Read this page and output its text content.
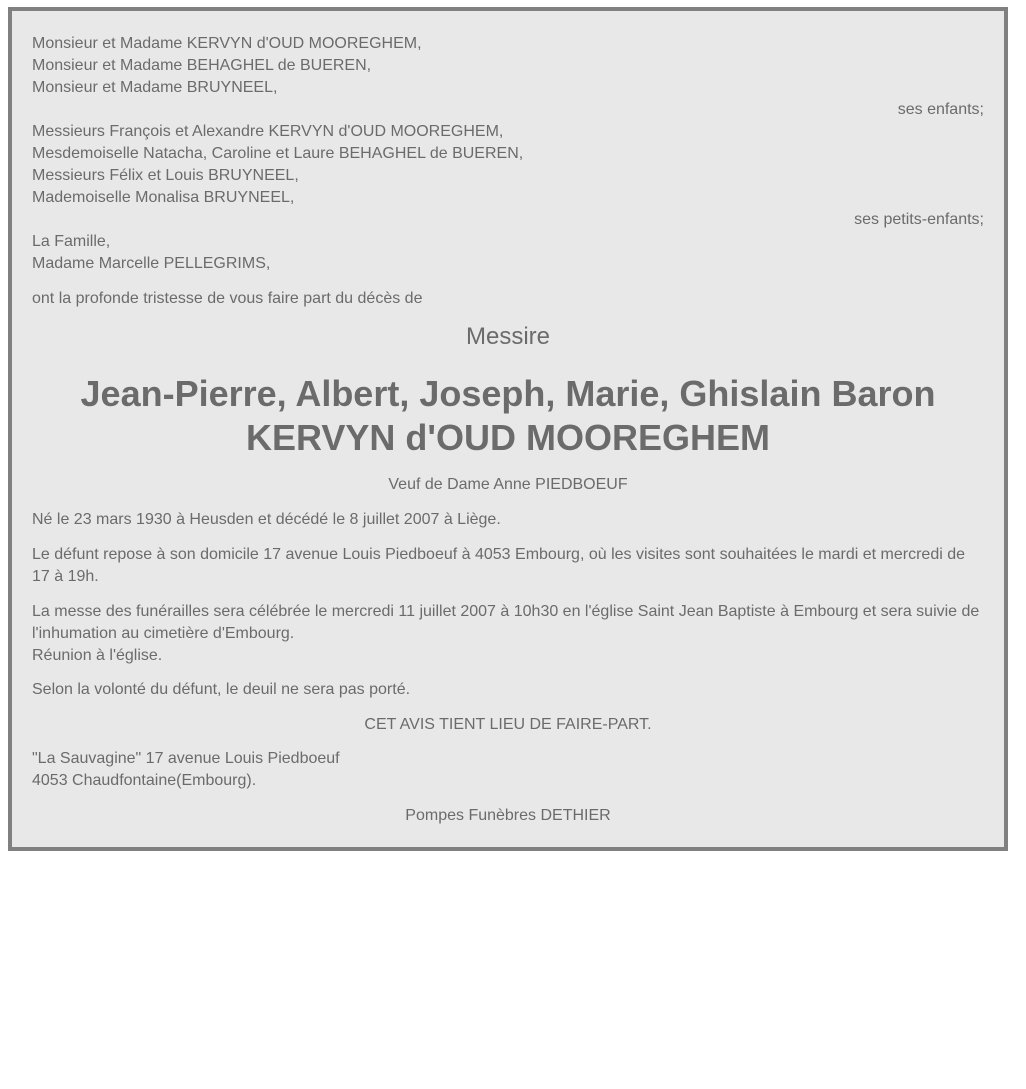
Monsieur et Madame KERVYN d'OUD MOOREGHEM,
Monsieur et Madame BEHAGHEL de BUEREN,
Monsieur et Madame BRUYNEEL,
ses enfants;
Messieurs François et Alexandre KERVYN d'OUD MOOREGHEM,
Mesdemoiselle Natacha, Caroline et Laure BEHAGHEL de BUEREN,
Messieurs Félix et Louis BRUYNEEL,
Mademoiselle Monalisa BRUYNEEL,
ses petits-enfants;
La Famille,
Madame Marcelle PELLEGRIMS,
ont la profonde tristesse de vous faire part du décès de
Messire
Jean-Pierre, Albert, Joseph, Marie, Ghislain Baron
KERVYN d'OUD MOOREGHEM
Veuf de Dame Anne PIEDBOEUF
Né le 23 mars 1930 à Heusden et décédé le 8 juillet 2007 à Liège.
Le défunt repose à son domicile 17 avenue Louis Piedboeuf à 4053 Embourg, où les visites sont souhaitées le mardi et mercredi de 17 à 19h.
La messe des funérailles sera célébrée le mercredi 11 juillet 2007 à 10h30 en l'église Saint Jean Baptiste à Embourg et sera suivie de l'inhumation au cimetière d'Embourg.
Réunion à l'église.
Selon la volonté du défunt, le deuil ne sera pas porté.
CET AVIS TIENT LIEU DE FAIRE-PART.
"La Sauvagine" 17 avenue Louis Piedboeuf
4053 Chaudfontaine(Embourg).
Pompes Funèbres DETHIER
